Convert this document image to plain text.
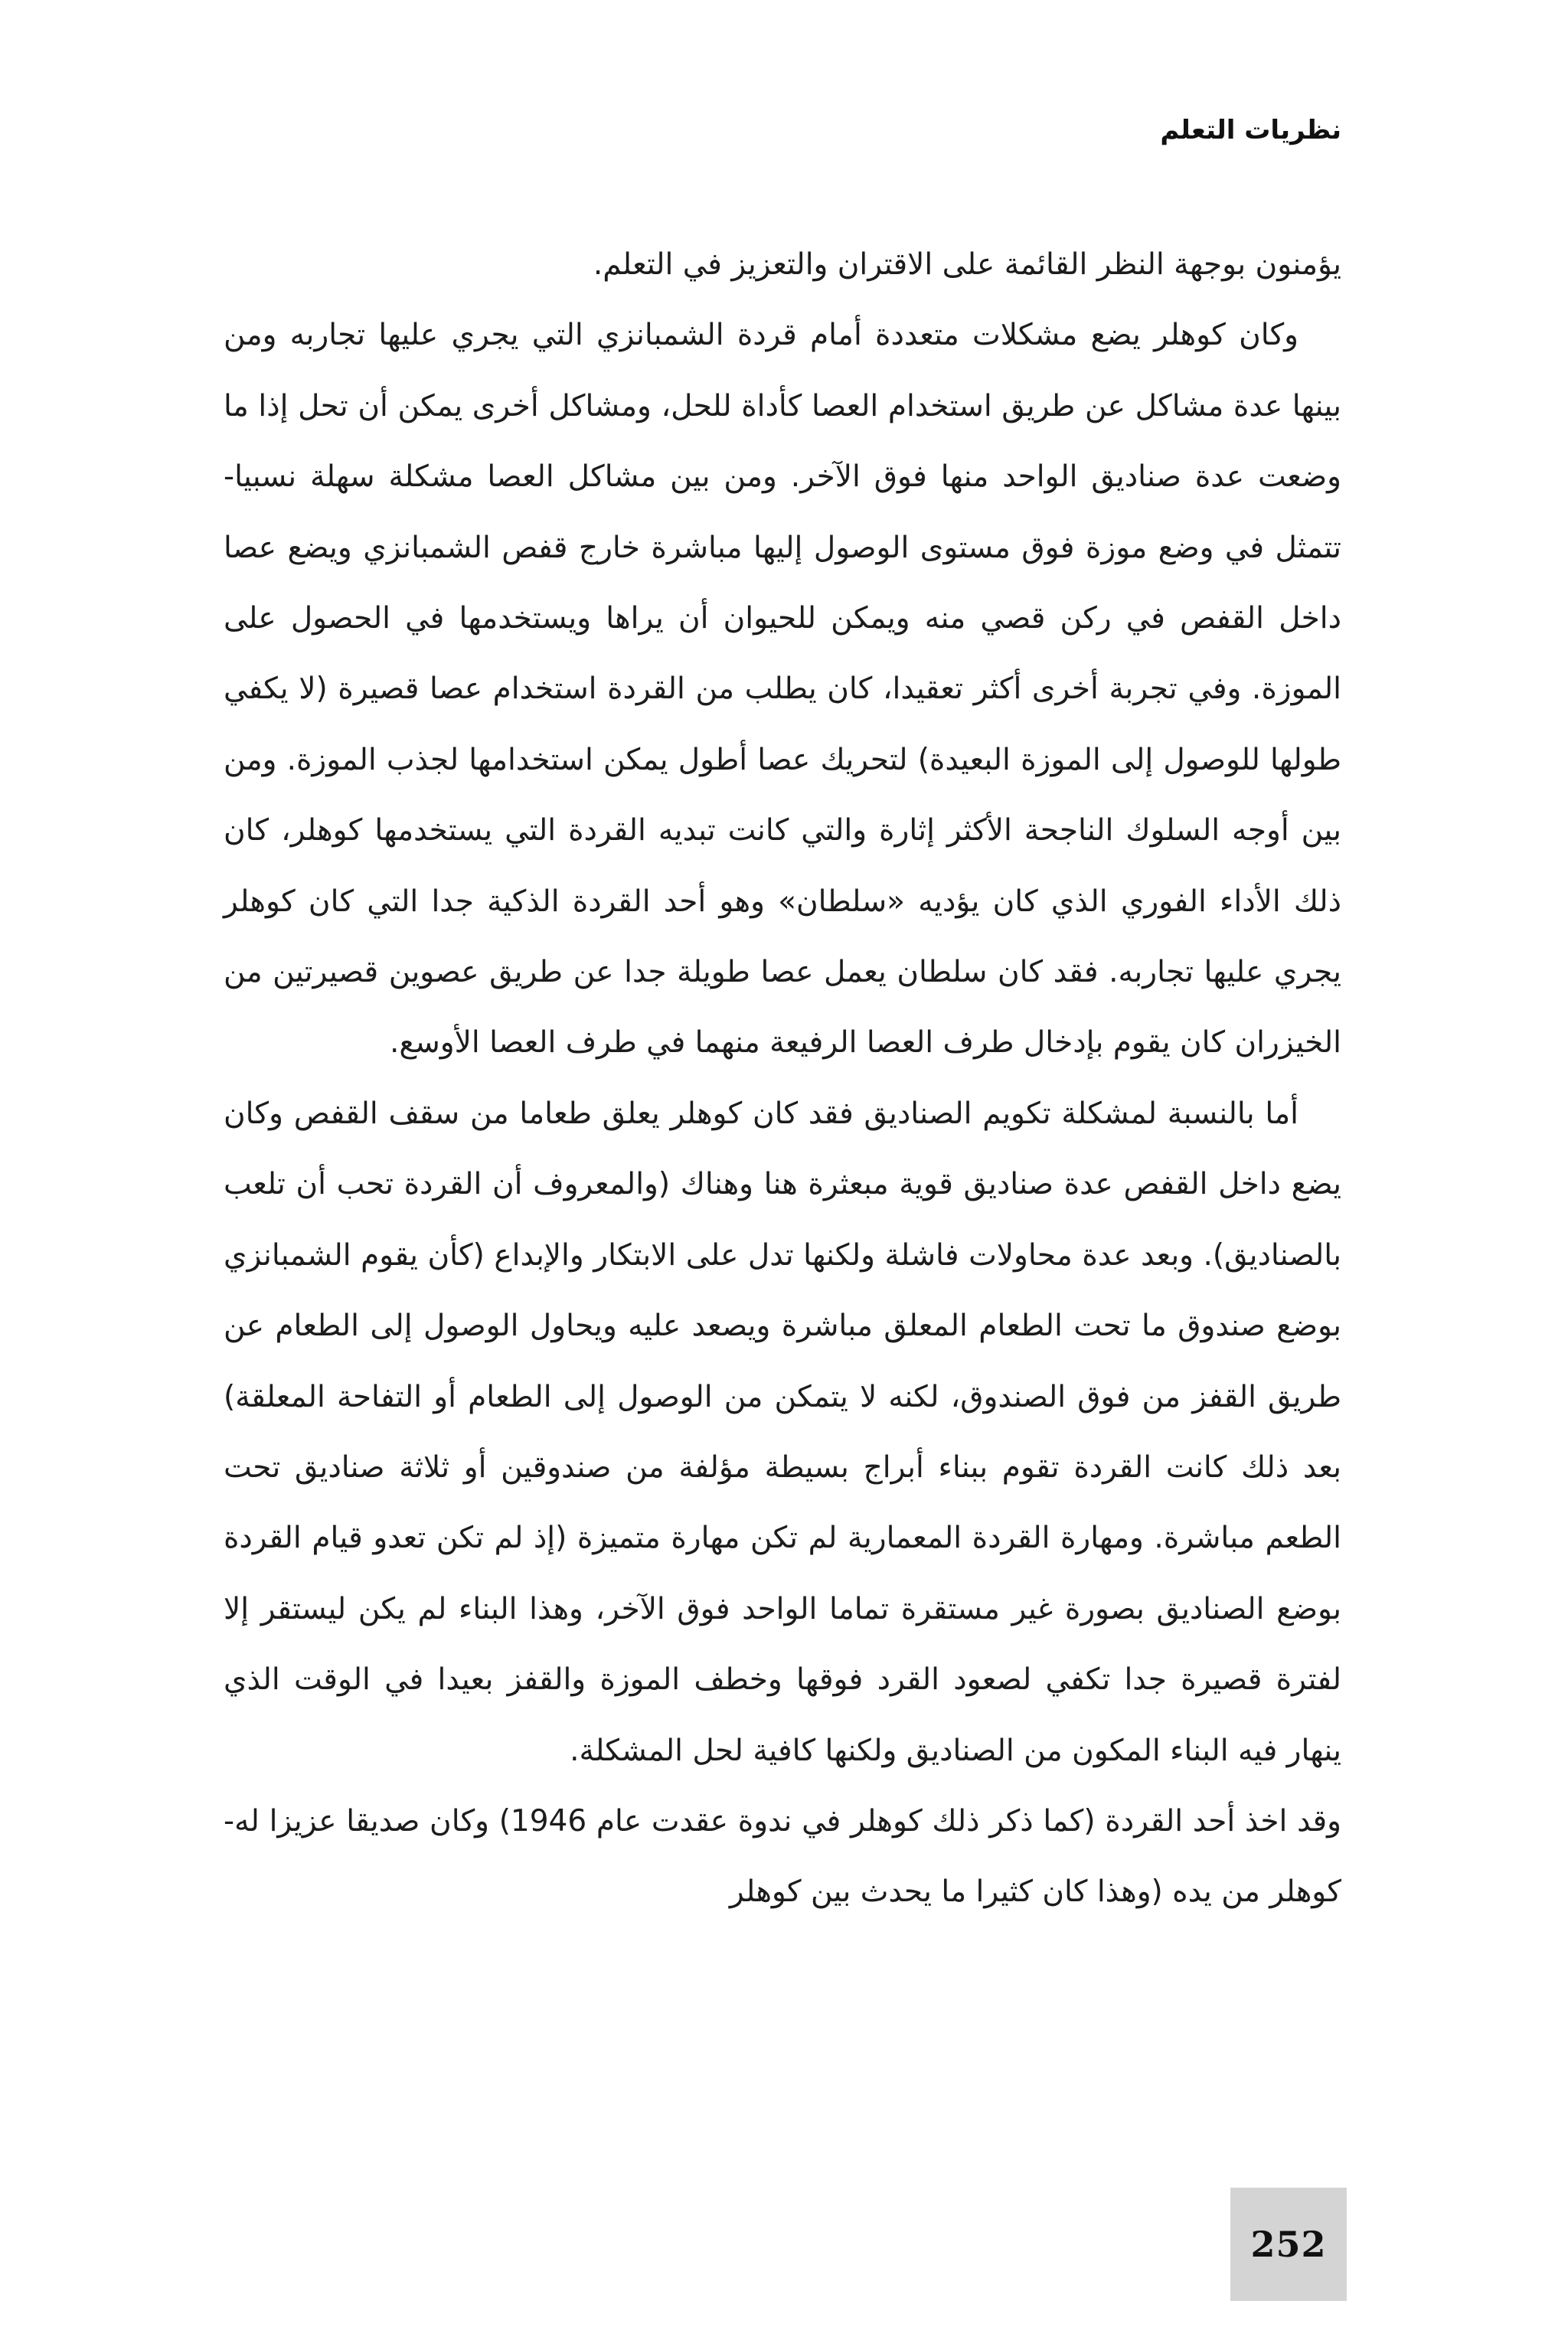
نظريات التعلم

يؤمنون بوجهة النظر القائمة على الاقتران والتعزيز في التعلم.

وكان كوهلر يضع مشكلات متعددة أمام قردة الشمبانزي التي يجري عليها تجاربه ومن بينها عدة مشاكل عن طريق استخدام العصا كأداة للحل، ومشاكل أخرى يمكن أن تحل إذا ما وضعت عدة صناديق الواحد منها فوق الآخر. ومن بين مشاكل العصا مشكلة سهلة نسبيا-تتمثل في وضع موزة فوق مستوى الوصول إليها مباشرة خارج قفص الشمبانزي ويضع عصا داخل القفص في ركن قصي منه ويمكن للحيوان أن يراها ويستخدمها في الحصول على الموزة. وفي تجربة أخرى أكثر تعقيدا، كان يطلب من القردة استخدام عصا قصيرة (لا يكفي طولها للوصول إلى الموزة البعيدة) لتحريك عصا أطول يمكن استخدامها لجذب الموزة. ومن بين أوجه السلوك الناجحة الأكثر إثارة والتي كانت تبديه القردة التي يستخدمها كوهلر، كان ذلك الأداء الفوري الذي كان يؤديه «سلطان» وهو أحد القردة الذكية جدا التي كان كوهلر يجري عليها تجاربه. فقد كان سلطان يعمل عصا طويلة جدا عن طريق عصوين قصيرتين من الخيزران كان يقوم بإدخال طرف العصا الرفيعة منهما في طرف العصا الأوسع.

أما بالنسبة لمشكلة تكويم الصناديق فقد كان كوهلر يعلق طعاما من سقف القفص وكان يضع داخل القفص عدة صناديق قوية مبعثرة هنا وهناك (والمعروف أن القردة تحب أن تلعب بالصناديق). وبعد عدة محاولات فاشلة ولكنها تدل على الابتكار والإبداع (كأن يقوم الشمبانزي بوضع صندوق ما تحت الطعام المعلق مباشرة ويصعد عليه ويحاول الوصول إلى الطعام عن طريق القفز من فوق الصندوق، لكنه لا يتمكن من الوصول إلى الطعام أو التفاحة المعلقة) بعد ذلك كانت القردة تقوم ببناء أبراج بسيطة مؤلفة من صندوقين أو ثلاثة صناديق تحت الطعم مباشرة. ومهارة القردة المعمارية لم تكن مهارة متميزة (إذ لم تكن تعدو قيام القردة بوضع الصناديق بصورة غير مستقرة تماما الواحد فوق الآخر، وهذا البناء لم يكن ليستقر إلا لفترة قصيرة جدا تكفي لصعود القرد فوقها وخطف الموزة والقفز بعيدا في الوقت الذي ينهار فيه البناء المكون من الصناديق ولكنها كافية لحل المشكلة.

وقد اخذ أحد القردة (كما ذكر ذلك كوهلر في ندوة عقدت عام 1946) وكان صديقا عزيزا له-كوهلر من يده (وهذا كان كثيرا ما يحدث بين كوهلر

252
